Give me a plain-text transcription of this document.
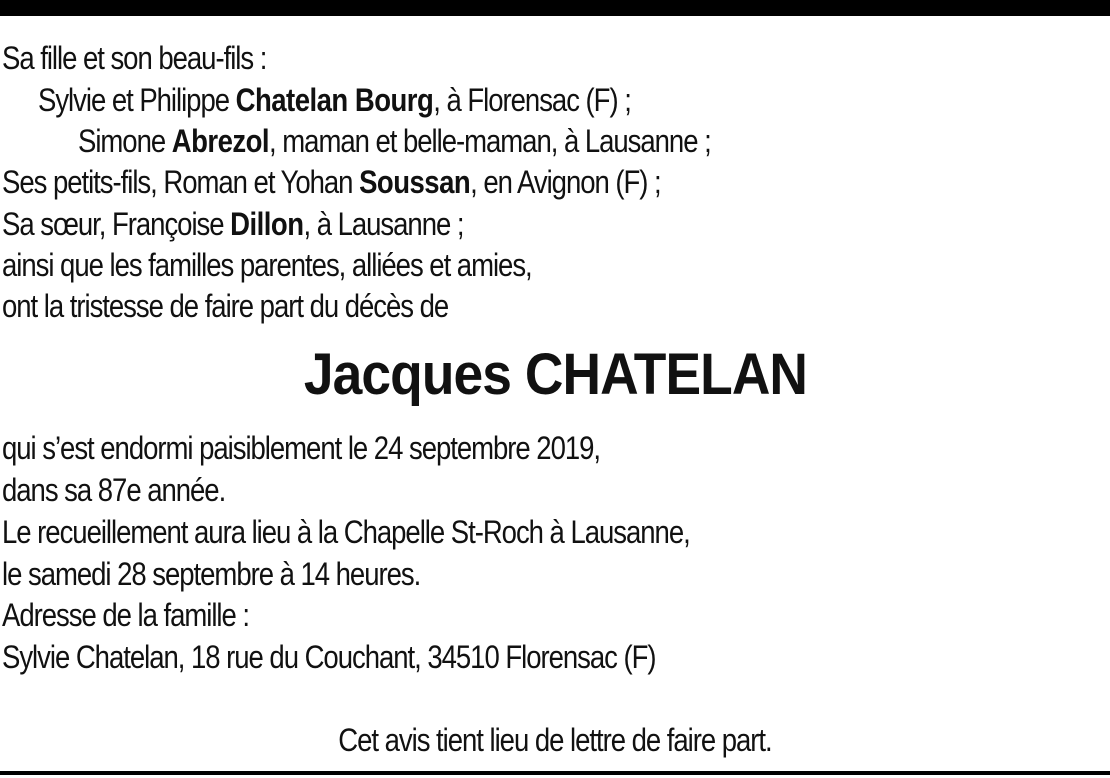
Sa fille et son beau-fils :
Sylvie et Philippe Chatelan Bourg, à Florensac (F) ;
Simone Abrezol, maman et belle-maman, à Lausanne ;
Ses petits-fils, Roman et Yohan Soussan, en Avignon (F) ;
Sa sœur, Françoise Dillon, à Lausanne ;
ainsi que les familles parentes, alliées et amies,
ont la tristesse de faire part du décès de
Jacques CHATELAN
qui s’est endormi paisiblement le 24 septembre 2019,
dans sa 87e année.
Le recueillement aura lieu à la Chapelle St-Roch à Lausanne,
le samedi 28 septembre à 14 heures.
Adresse de la famille :
Sylvie Chatelan, 18 rue du Couchant, 34510 Florensac (F)
Cet avis tient lieu de lettre de faire part.
